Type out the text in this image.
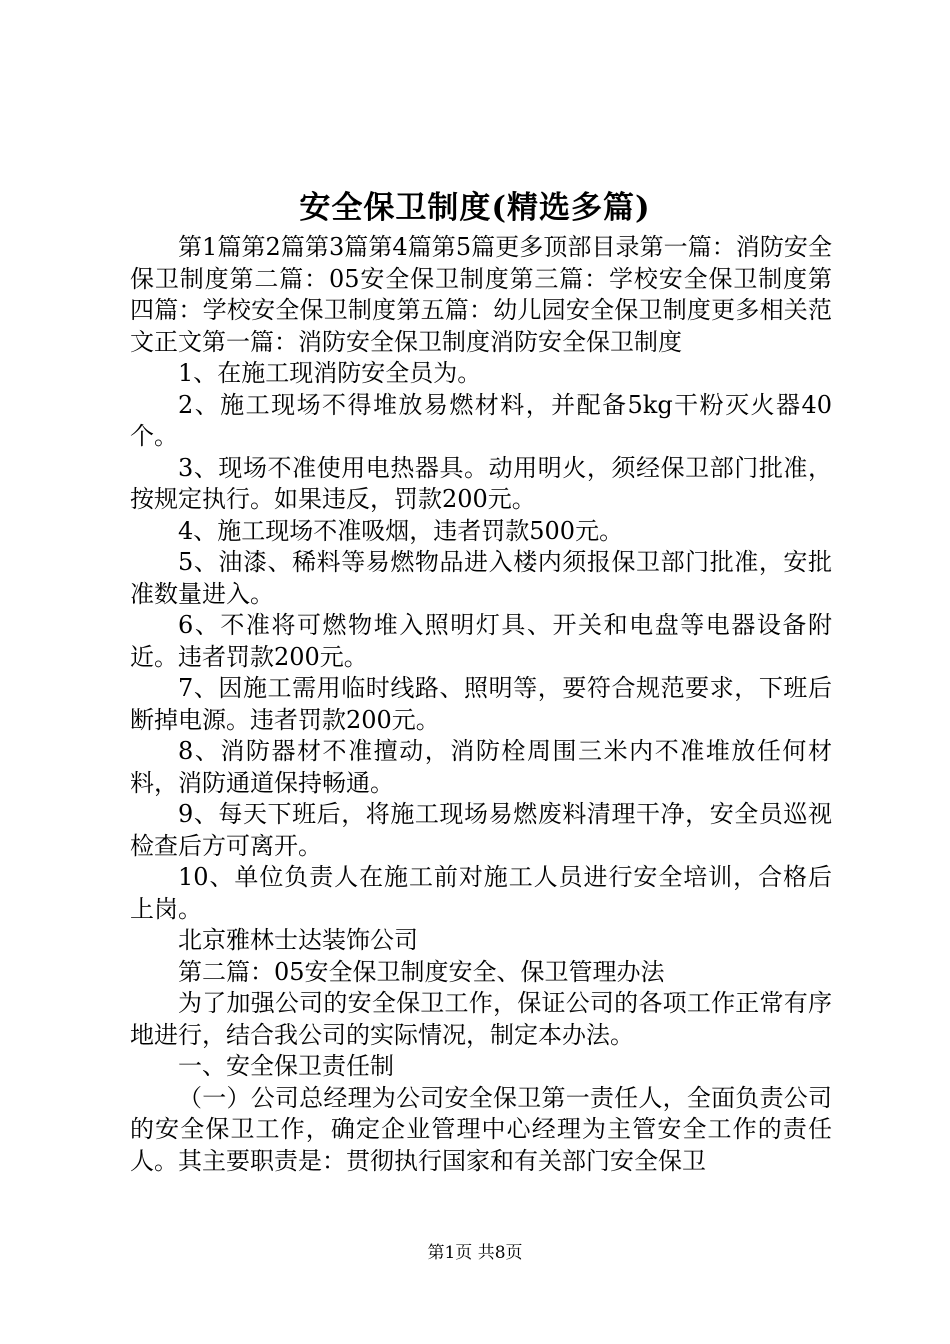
安全保卫制度(精选多篇)

第1篇第2篇第3篇第4篇第5篇更多顶部目录第一篇：消防安全保卫制度第二篇：05安全保卫制度第三篇：学校安全保卫制度第四篇：学校安全保卫制度第五篇：幼儿园安全保卫制度更多相关范文正文第一篇：消防安全保卫制度消防安全保卫制度

1、在施工现消防安全员为。

2、施工现场不得堆放易燃材料，并配备5kg干粉灭火器40个。

3、现场不准使用电热器具。动用明火，须经保卫部门批准，按规定执行。如果违反，罚款200元。

4、施工现场不准吸烟，违者罚款500元。

5、油漆、稀料等易燃物品进入楼内须报保卫部门批准，安批准数量进入。

6、不准将可燃物堆入照明灯具、开关和电盘等电器设备附近。违者罚款200元。

7、因施工需用临时线路、照明等，要符合规范要求，下班后断掉电源。违者罚款200元。

8、消防器材不准擅动，消防栓周围三米内不准堆放任何材料，消防通道保持畅通。

9、每天下班后，将施工现场易燃废料清理干净，安全员巡视检查后方可离开。

10、单位负责人在施工前对施工人员进行安全培训，合格后上岗。

北京雅林士达装饰公司

第二篇：05安全保卫制度安全、保卫管理办法

为了加强公司的安全保卫工作，保证公司的各项工作正常有序地进行，结合我公司的实际情况，制定本办法。

一、安全保卫责任制

（一）公司总经理为公司安全保卫第一责任人，全面负责公司的安全保卫工作，确定企业管理中心经理为主管安全工作的责任人。其主要职责是：贯彻执行国家和有关部门安全保卫

第1页 共8页
